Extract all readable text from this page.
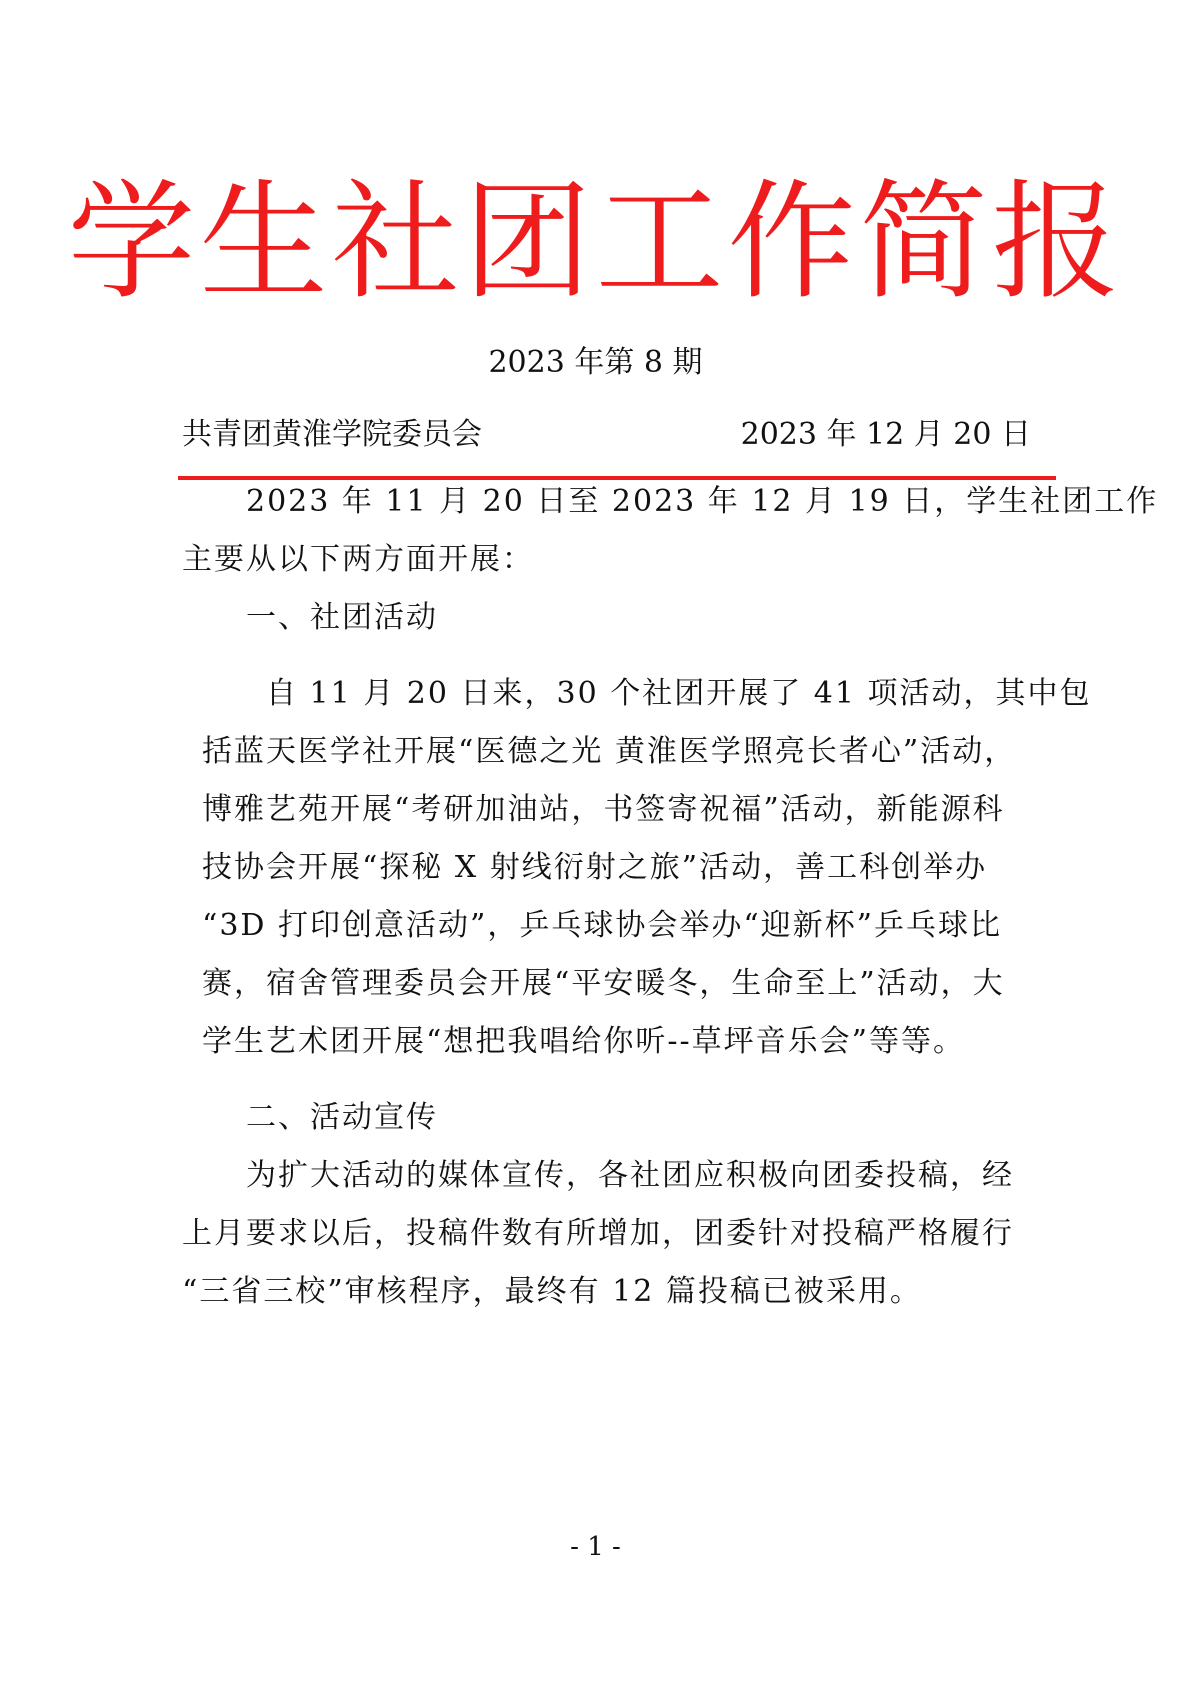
学生社团工作简报
2023 年第 8 期
共青团黄淮学院委员会	2023 年 12 月 20 日
2023 年 11 月 20 日至 2023 年 12 月 19 日，学生社团工作
主要从以下两方面开展：
一、社团活动
自 11 月 20 日来，30 个社团开展了 41 项活动，其中包
括蓝天医学社开展“医德之光 黄淮医学照亮长者心”活动，
博雅艺苑开展“考研加油站，书签寄祝福”活动，新能源科
技协会开展“探秘 X 射线衍射之旅”活动，善工科创举办
“3D 打印创意活动”，乒乓球协会举办“迎新杯”乒乓球比
赛，宿舍管理委员会开展“平安暖冬，生命至上”活动，大
学生艺术团开展“想把我唱给你听--草坪音乐会”等等。
二、活动宣传
为扩大活动的媒体宣传，各社团应积极向团委投稿，经
上月要求以后，投稿件数有所增加，团委针对投稿严格履行
“三省三校”审核程序，最终有 12 篇投稿已被采用。
- 1 -
